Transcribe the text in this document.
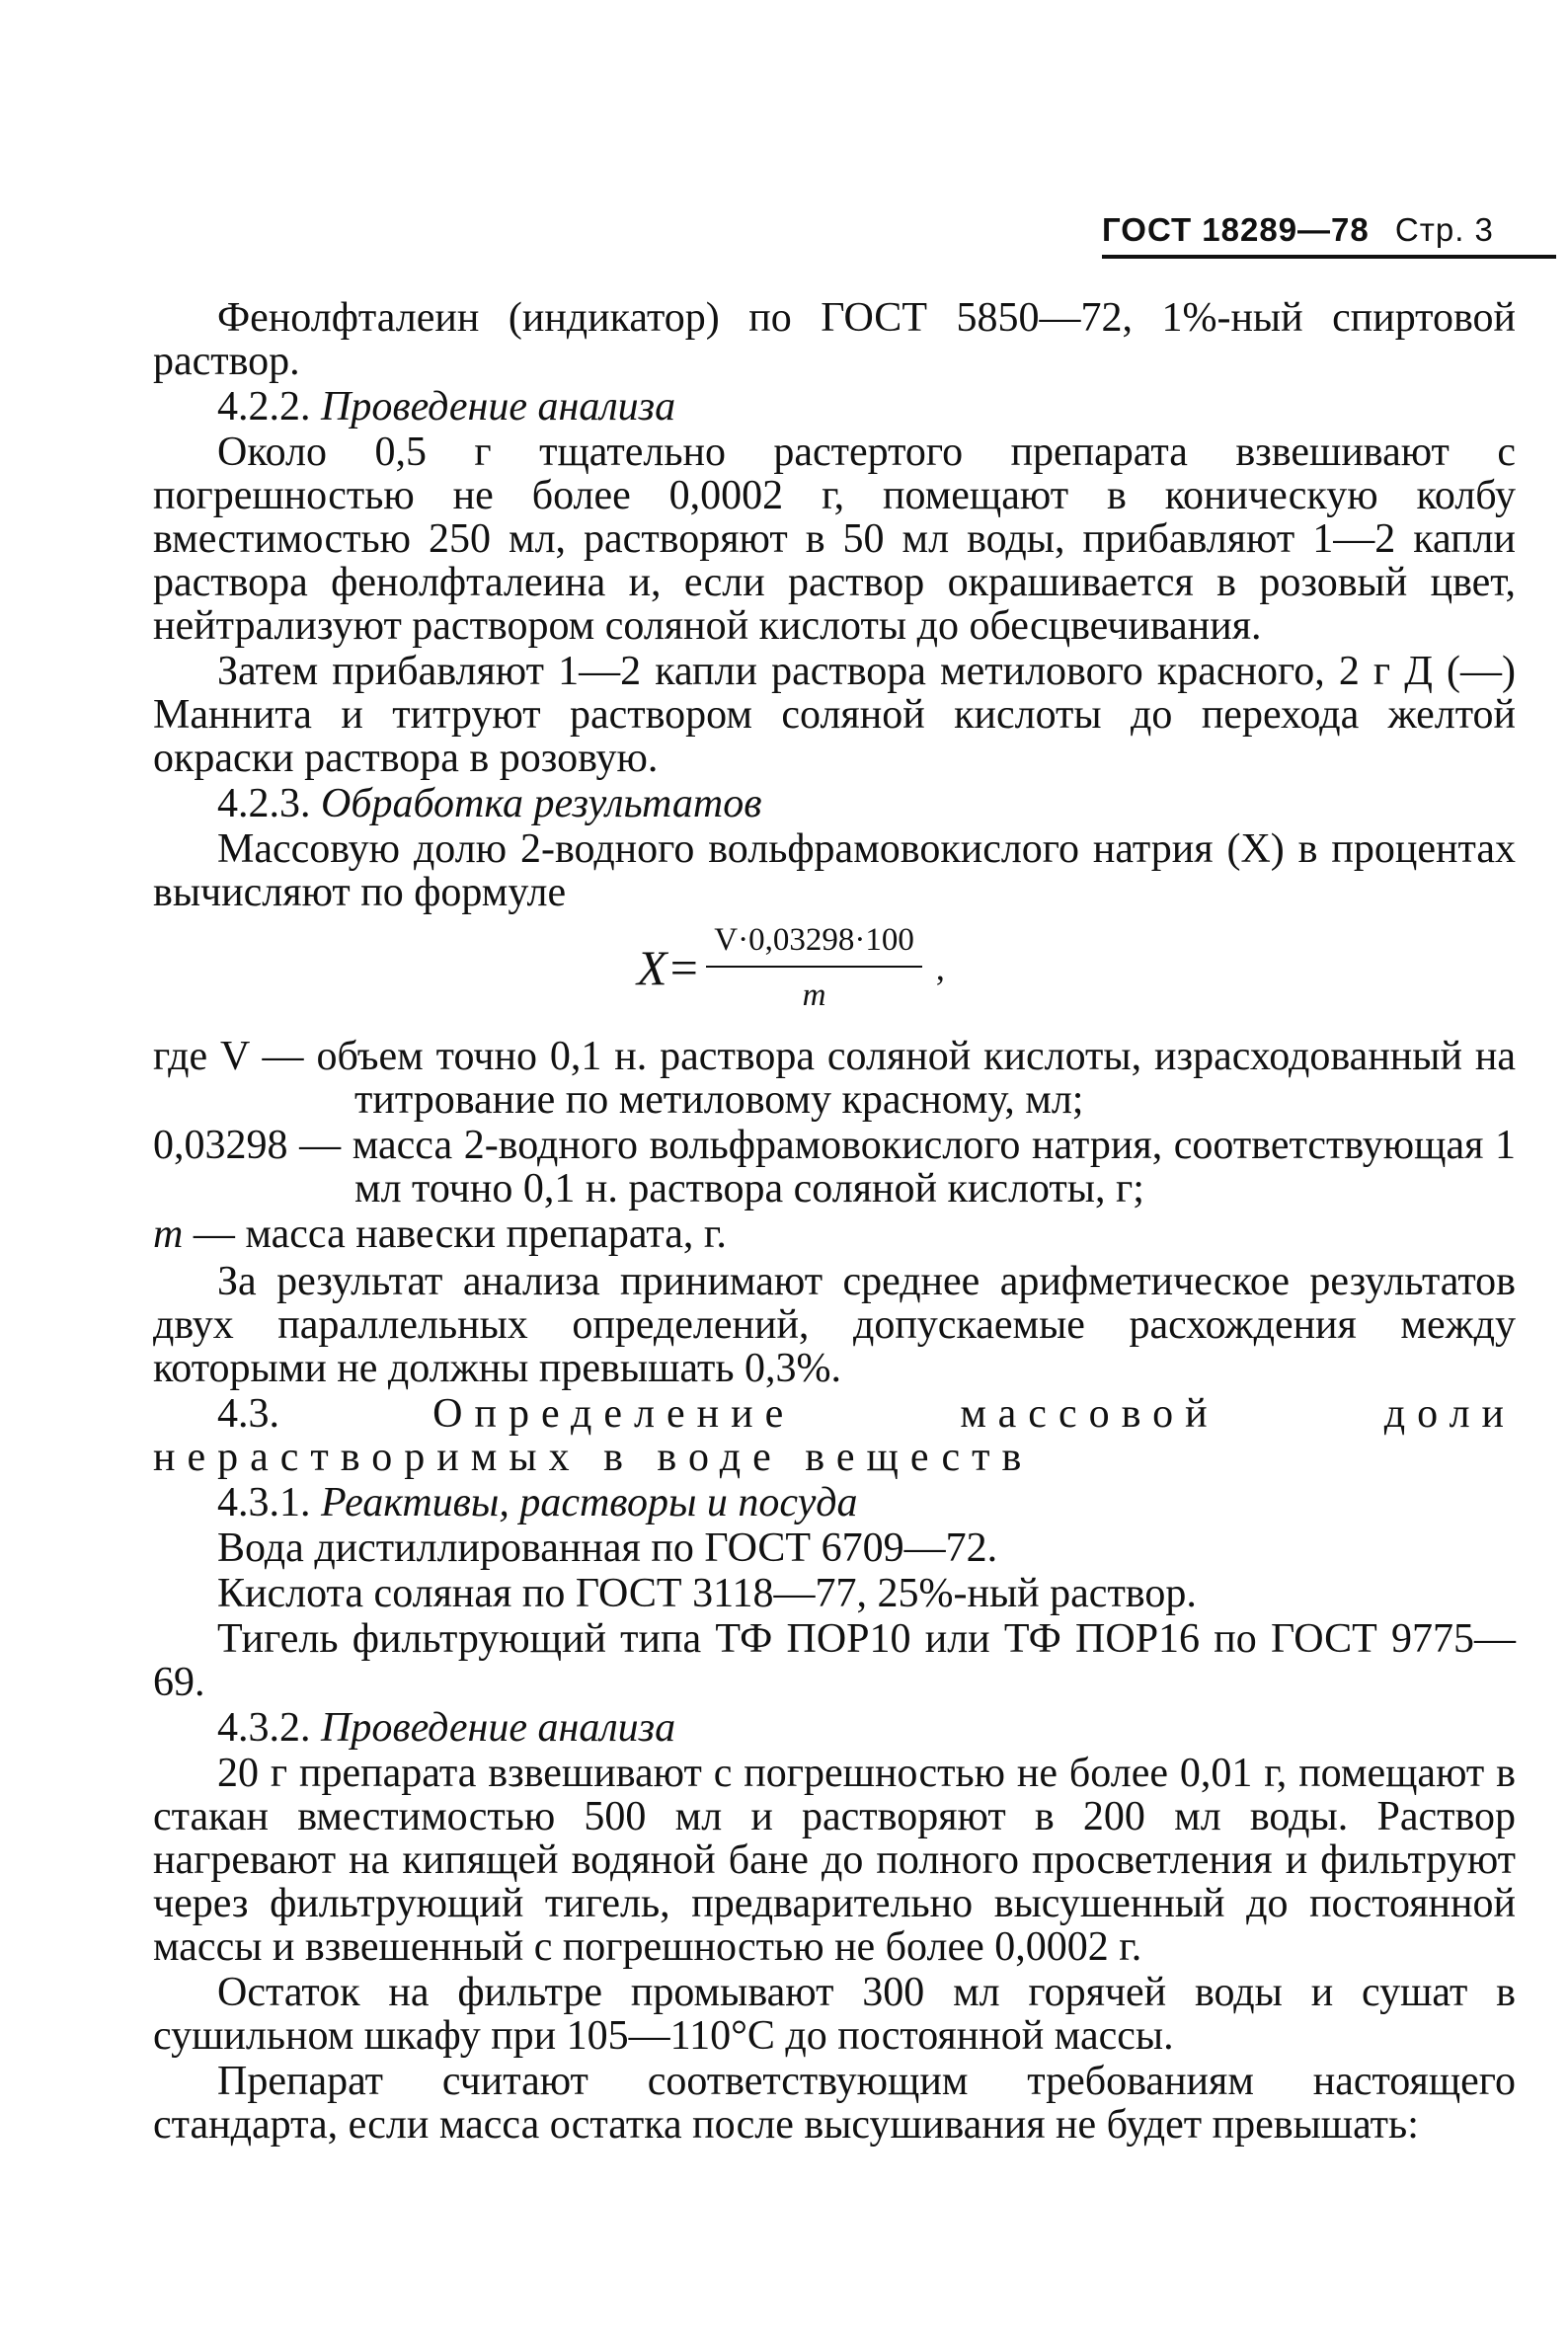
ГОСТ 18289—78 Стр. 3

Фенолфталеин (индикатор) по ГОСТ 5850—72, 1%-ный спиртовой раствор.

4.2.2. Проведение анализа

Около 0,5 г тщательно растертого препарата взвешивают с погрешностью не более 0,0002 г, помещают в коническую колбу вместимостью 250 мл, растворяют в 50 мл воды, прибавляют 1—2 капли раствора фенолфталеина и, если раствор окрашивается в розовый цвет, нейтрализуют раствором соляной кислоты до обесцвечивания.

Затем прибавляют 1—2 капли раствора метилового красного, 2 г Д (—) Маннита и титруют раствором соляной кислоты до перехода желтой окраски раствора в розовую.

4.2.3. Обработка результатов

Массовую долю 2-водного вольфрамовокислого натрия (X) в процентах вычисляют по формуле

$X= \frac{V\cdot 0,03298\cdot 100}{m}$ ,
где V — объем точно 0,1 н. раствора соляной кислоты, израсходованный на титрование по метиловому красному, мл;
0,03298 — масса 2-водного вольфрамовокислого натрия, соответствующая 1 мл точно 0,1 н. раствора соляной кислоты, г;
m — масса навески препарата, г.

За результат анализа принимают среднее арифметическое результатов двух параллельных определений, допускаемые расхождения между которыми не должны превышать 0,3%.

4.3.	Определение массовой доли нерастворимых в воде веществ

4.3.1. Реактивы, растворы и посуда

Вода дистиллированная по ГОСТ 6709—72.

Кислота соляная по ГОСТ 3118—77, 25%-ный раствор.

Тигель фильтрующий типа ТФ ПОР10 или ТФ ПОР16 по ГОСТ 9775—69.

4.3.2. Проведение анализа

20 г препарата взвешивают с погрешностью не более 0,01 г, помещают в стакан вместимостью 500 мл и растворяют в 200 мл воды. Раствор нагревают на кипящей водяной бане до полного просветления и фильтруют через фильтрующий тигель, предварительно высушенный до постоянной массы и взвешенный с погрешностью не более 0,0002 г.

Остаток на фильтре промывают 300 мл горячей воды и сушат в сушильном шкафу при 105—110°С до постоянной массы.

Препарат считают соответствующим требованиям настоящего стандарта, если масса остатка после высушивания не будет превышать:
